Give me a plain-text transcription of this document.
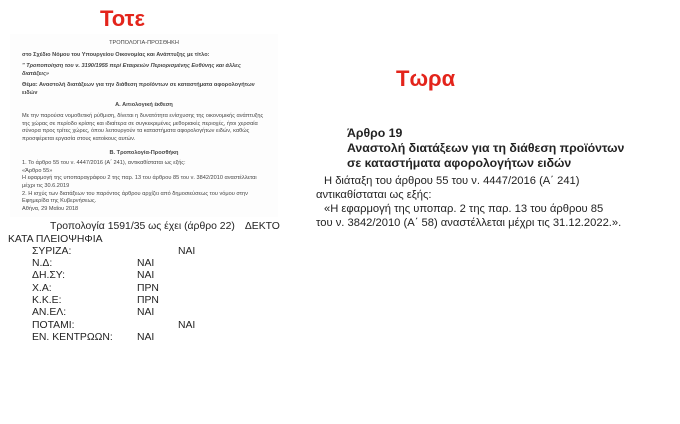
Τοτε
Τωρα

ΤΡΟΠΟΛΟΓΙΑ-ΠΡΟΣΘΗΚΗ

στο Σχέδιο Νόμου του Υπουργείου Οικονομίας και Ανάπτυξης με τίτλο:

" Τροποποίηση του ν. 3190/1955 περί Εταιρειών Περιορισμένης Ευθύνης και άλλες διατάξεις»

Θέμα: Αναστολή διατάξεων για την διάθεση προϊόντων σε καταστήματα αφορολογήτων ειδών

Α. Αιτιολογική έκθεση

Με την παρούσα νομοθετική ρύθμιση, δίνεται η δυνατότητα ενίσχυσης της οικονομικής ανάπτυξης της χώρας σε περίοδο κρίσης και ιδιαίτερα σε συγκεκριμένες μεθοριακές περιοχές, ήτοι χερσαία σύνορα προς τρίτες χώρες, όπου λειτουργούν τα καταστήματα αφορολογήτων ειδών, καθώς προσφέρεται εργασία στους κατοίκους αυτών.

Β. Τροπολογία-Προσθήκη

1. Το άρθρο 55 του ν. 4447/2016 (Α΄ 241), αντικαθίσταται ως εξής:

«Άρθρο 55»

Η εφαρμογή της υποπαραγράφου 2 της παρ. 13 του άρθρου 85 του ν. 3842/2010 αναστέλλεται μέχρι τις 30.6.2019

2. Η ισχύς των διατάξεων του παρόντος άρθρου αρχίζει από δημοσιεύσεως του νόμου στην Εφημερίδα της Κυβερνήσεως.

Αθήνα, 29 Μαΐου 2018

Τροπολογία 1591/35 ως έχει (άρθρο 22) ΔΕΚΤΟ
ΚΑΤΑ ΠΛΕΙΟΨΗΦΙΑ
ΣΥΡΙΖΑ:	ΝΑΙ
Ν.Δ:	ΝΑΙ
ΔΗ.ΣΥ:	ΝΑΙ
Χ.Α:	ΠΡΝ
Κ.Κ.Ε:	ΠΡΝ
ΑΝ.ΕΛ:	ΝΑΙ
ΠΟΤΑΜΙ:	ΝΑΙ
ΕΝ. ΚΕΝΤΡΩΩΝ:	ΝΑΙ
Άρθρο 19
Αναστολή διατάξεων για τη διάθεση προϊόντων
σε καταστήματα αφορολογήτων ειδών
Η διάταξη του άρθρου 55 του ν. 4447/2016 (Α΄ 241)
αντικαθίσταται ως εξής:
«Η εφαρμογή της υποπαρ. 2 της παρ. 13 του άρθρου 85
του ν. 3842/2010 (Α΄ 58) αναστέλλεται μέχρι τις 31.12.2022.».
